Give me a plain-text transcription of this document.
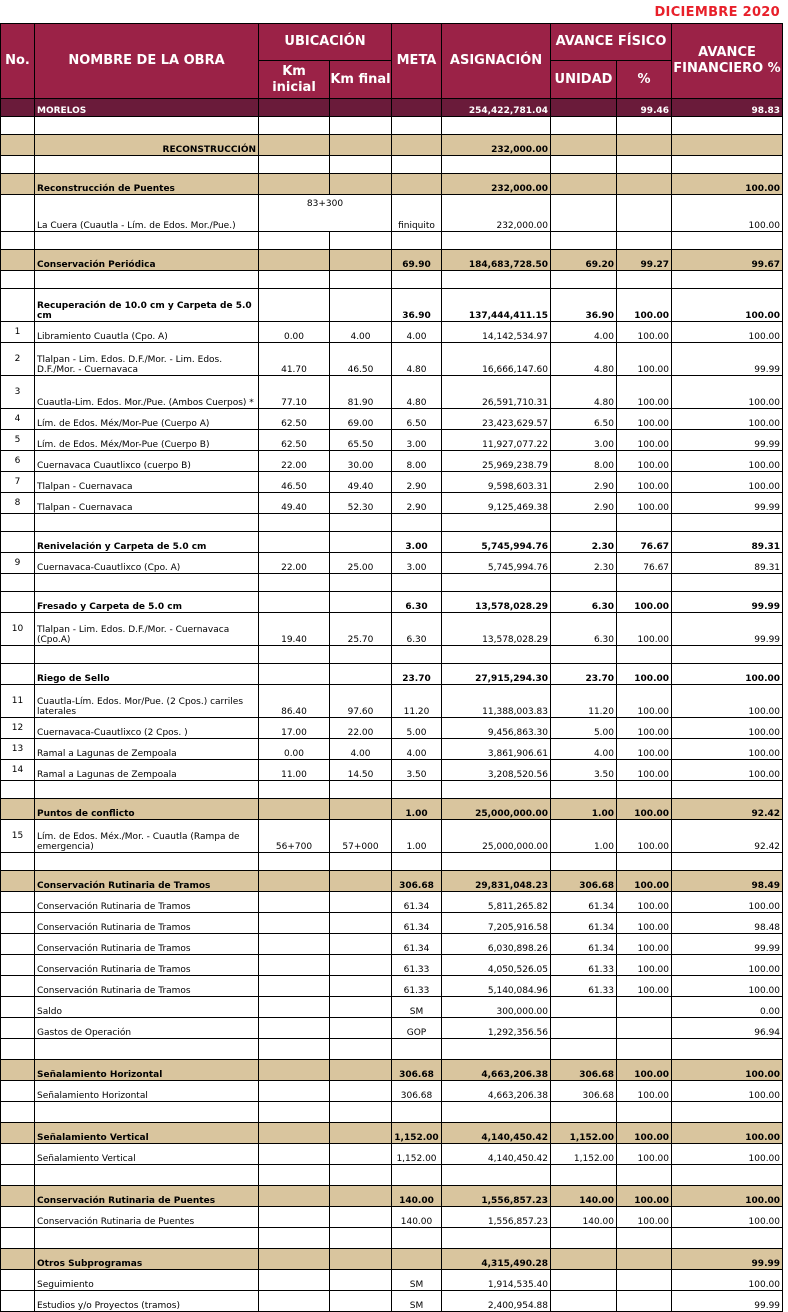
DICIEMBRE 2020
No.	NOMBRE DE LA OBRA	UBICACIÓN		META	ASIGNACIÓN	AVANCE FÍSICO		AVANCE FINANCIERO %
		Km inicial	Km final			UNIDAD	%	
	MORELOS				254,422,781.04		99.46	98.83

	RECONSTRUCCIÓN				232,000.00			

	Reconstrucción de Puentes				232,000.00			100.00
	La Cuera (Cuautla - Lím. de Edos. Mor./Pue.)	83+300		finiquito	232,000.00			100.00

	Conservación Periódica			69.90	184,683,728.50	69.20	99.27	99.67

	Recuperación de 10.0 cm y Carpeta de 5.0 cm			36.90	137,444,411.15	36.90	100.00	100.00
1	Libramiento Cuautla (Cpo. A)	0.00	4.00	4.00	14,142,534.97	4.00	100.00	100.00
2	Tlalpan - Lim. Edos. D.F./Mor. - Lim. Edos. D.F./Mor. - Cuernavaca	41.70	46.50	4.80	16,666,147.60	4.80	100.00	99.99
3	Cuautla-Lim. Edos. Mor./Pue. (Ambos Cuerpos) *	77.10	81.90	4.80	26,591,710.31	4.80	100.00	100.00
4	Lím. de Edos. Méx/Mor-Pue (Cuerpo A)	62.50	69.00	6.50	23,423,629.57	6.50	100.00	100.00
5	Lím. de Edos. Méx/Mor-Pue (Cuerpo B)	62.50	65.50	3.00	11,927,077.22	3.00	100.00	99.99
6	Cuernavaca Cuautlixco (cuerpo B)	22.00	30.00	8.00	25,969,238.79	8.00	100.00	100.00
7	Tlalpan - Cuernavaca	46.50	49.40	2.90	9,598,603.31	2.90	100.00	100.00
8	Tlalpan - Cuernavaca	49.40	52.30	2.90	9,125,469.38	2.90	100.00	99.99

	Renivelación y Carpeta de 5.0 cm			3.00	5,745,994.76	2.30	76.67	89.31
9	Cuernavaca-Cuautlixco (Cpo. A)	22.00	25.00	3.00	5,745,994.76	2.30	76.67	89.31

	Fresado y Carpeta de 5.0 cm			6.30	13,578,028.29	6.30	100.00	99.99
10	Tlalpan - Lim. Edos. D.F./Mor. - Cuernavaca (Cpo.A)	19.40	25.70	6.30	13,578,028.29	6.30	100.00	99.99

	Riego de Sello			23.70	27,915,294.30	23.70	100.00	100.00
11	Cuautla-Lím. Edos. Mor/Pue. (2 Cpos.) carriles laterales	86.40	97.60	11.20	11,388,003.83	11.20	100.00	100.00
12	Cuernavaca-Cuautlixco (2 Cpos. )	17.00	22.00	5.00	9,456,863.30	5.00	100.00	100.00
13	Ramal a Lagunas de Zempoala	0.00	4.00	4.00	3,861,906.61	4.00	100.00	100.00
14	Ramal a Lagunas de Zempoala	11.00	14.50	3.50	3,208,520.56	3.50	100.00	100.00

	Puntos de conflicto			1.00	25,000,000.00	1.00	100.00	92.42
15	Lím. de Edos. Méx./Mor. - Cuautla (Rampa de emergencia)	56+700	57+000	1.00	25,000,000.00	1.00	100.00	92.42

	Conservación Rutinaria de Tramos			306.68	29,831,048.23	306.68	100.00	98.49
	Conservación Rutinaria de Tramos			61.34	5,811,265.82	61.34	100.00	100.00
	Conservación Rutinaria de Tramos			61.34	7,205,916.58	61.34	100.00	98.48
	Conservación Rutinaria de Tramos			61.34	6,030,898.26	61.34	100.00	99.99
	Conservación Rutinaria de Tramos			61.33	4,050,526.05	61.33	100.00	100.00
	Conservación Rutinaria de Tramos			61.33	5,140,084.96	61.33	100.00	100.00
	Saldo			SM	300,000.00			0.00
	Gastos de Operación			GOP	1,292,356.56			96.94

	Señalamiento Horizontal			306.68	4,663,206.38	306.68	100.00	100.00
	Señalamiento Horizontal			306.68	4,663,206.38	306.68	100.00	100.00

	Señalamiento Vertical			1,152.00	4,140,450.42	1,152.00	100.00	100.00
	Señalamiento Vertical			1,152.00	4,140,450.42	1,152.00	100.00	100.00

	Conservación Rutinaria de Puentes			140.00	1,556,857.23	140.00	100.00	100.00
	Conservación Rutinaria de Puentes			140.00	1,556,857.23	140.00	100.00	100.00

	Otros Subprogramas				4,315,490.28			99.99
	Seguimiento			SM	1,914,535.40			100.00
	Estudios y/o Proyectos (tramos)			SM	2,400,954.88			99.99
